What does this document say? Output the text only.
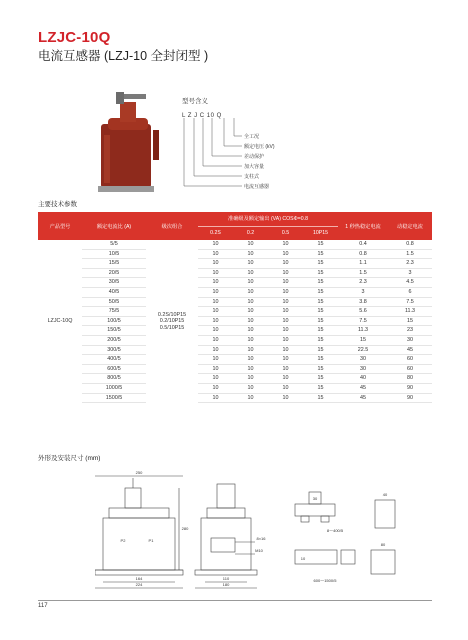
LZJC-10Q
电流互感器 (LZJ-10 全封闭型 )
型号含义
L Z J C 10 Q
全工况
额定电压 (kV)
差动保护
加大容量
支柱式
电流互感器
主要技术参数
产品型号	额定电流比 (A)	级次组合
准确级及额定输出 (VA) COSΦ=0.8
0.2S	0.2	0.5	10P15
1 秒热稳定电流	动稳定电流
LZJC-10Q	5/5	0.2S/10P15
0.2/10P15
0.5/10P15	10	10	10	15	0.4	0.8
	10/5		10	10	10	15	0.8	1.5
	15/5		10	10	10	15	1.1	2.3
	20/5		10	10	10	15	1.5	3
	30/5		10	10	10	15	2.3	4.5
	40/5		10	10	10	15	3	6
	50/5		10	10	10	15	3.8	7.5
	75/5		10	10	10	15	5.6	11.3
	100/5		10	10	10	15	7.5	15
	150/5		10	10	10	15	11.3	23
	200/5		10	10	10	15	15	30
	300/5		10	10	10	15	22.5	45
	400/5		10	10	10	15	30	60
	600/5		10	10	10	15	30	60
	800/5		10	10	10	15	40	80
	1000/5		10	10	10	15	45	90
	1500/5		10	10	10	15	45	90
外形及安装尺寸 (mm)
250
P2	P1
164
224
280
110
180
M10
8×16
8～400/5
600～1500/5
30
10
40
80
117
